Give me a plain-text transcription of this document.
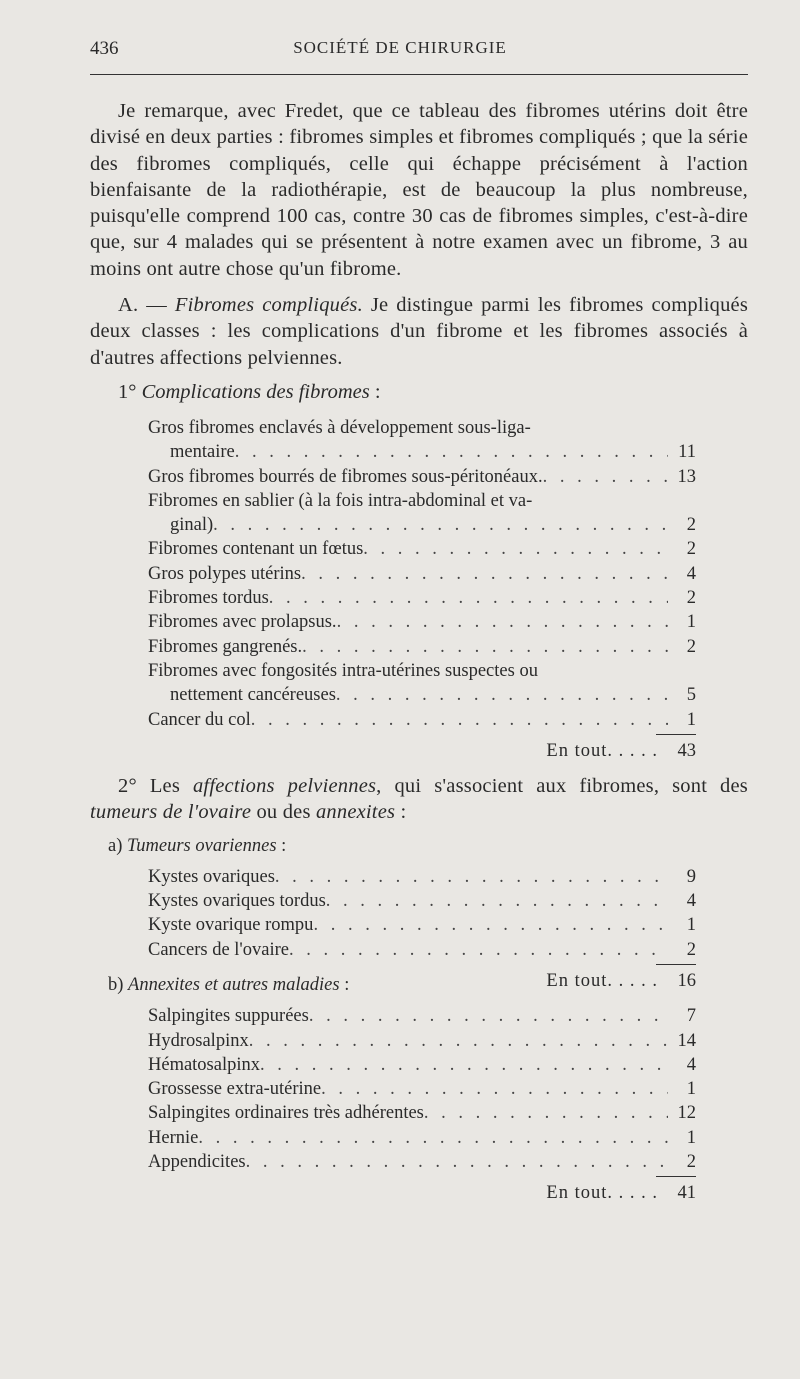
436	SOCIÉTÉ DE CHIRURGIE

Je remarque, avec Fredet, que ce tableau des fibromes utérins doit être divisé en deux parties : fibromes simples et fibromes compliqués ; que la série des fibromes compliqués, celle qui échappe précisément à l'action bienfaisante de la radiothérapie, est de beaucoup la plus nombreuse, puisqu'elle comprend 100 cas, contre 30 cas de fibromes simples, c'est-à-dire que, sur 4 malades qui se présentent à notre examen avec un fibrome, 3 au moins ont autre chose qu'un fibrome.

A. — Fibromes compliqués. Je distingue parmi les fibromes compliqués deux classes : les complications d'un fibrome et les fibromes associés à d'autres affections pelviennes.

1° Complications des fibromes :
Gros fibromes enclavés à développement sous-liga-
mentaire . . .	11
Gros fibromes bourrés de fibromes sous-péritonéaux. . . .	13
Fibromes en sablier (à la fois intra-abdominal et va-
ginal) . . .	2
Fibromes contenant un fœtus . . .	2
Gros polypes utérins . . .	4
Fibromes tordus . . .	2
Fibromes avec prolapsus. . . .	1
Fibromes gangrenés. . . .	2
Fibromes avec fongosités intra-utérines suspectes ou
nettement cancéreuses . . .	5
Cancer du col . . .	1
En tout. . . . .	43

2° Les affections pelviennes, qui s'associent aux fibromes, sont des tumeurs de l'ovaire ou des annexites :

a) Tumeurs ovariennes :
Kystes ovariques . . .	9
Kystes ovariques tordus . . .	4
Kyste ovarique rompu . . .	1
Cancers de l'ovaire . . .	2
En tout. . . . .	16
b) Annexites et autres maladies :
Salpingites suppurées . . .	7
Hydrosalpinx . . .	14
Hématosalpinx . . .	4
Grossesse extra-utérine . . .	1
Salpingites ordinaires très adhérentes . . .	12
Hernie . . .	1
Appendicites . . .	2
En tout. . . . .	41
